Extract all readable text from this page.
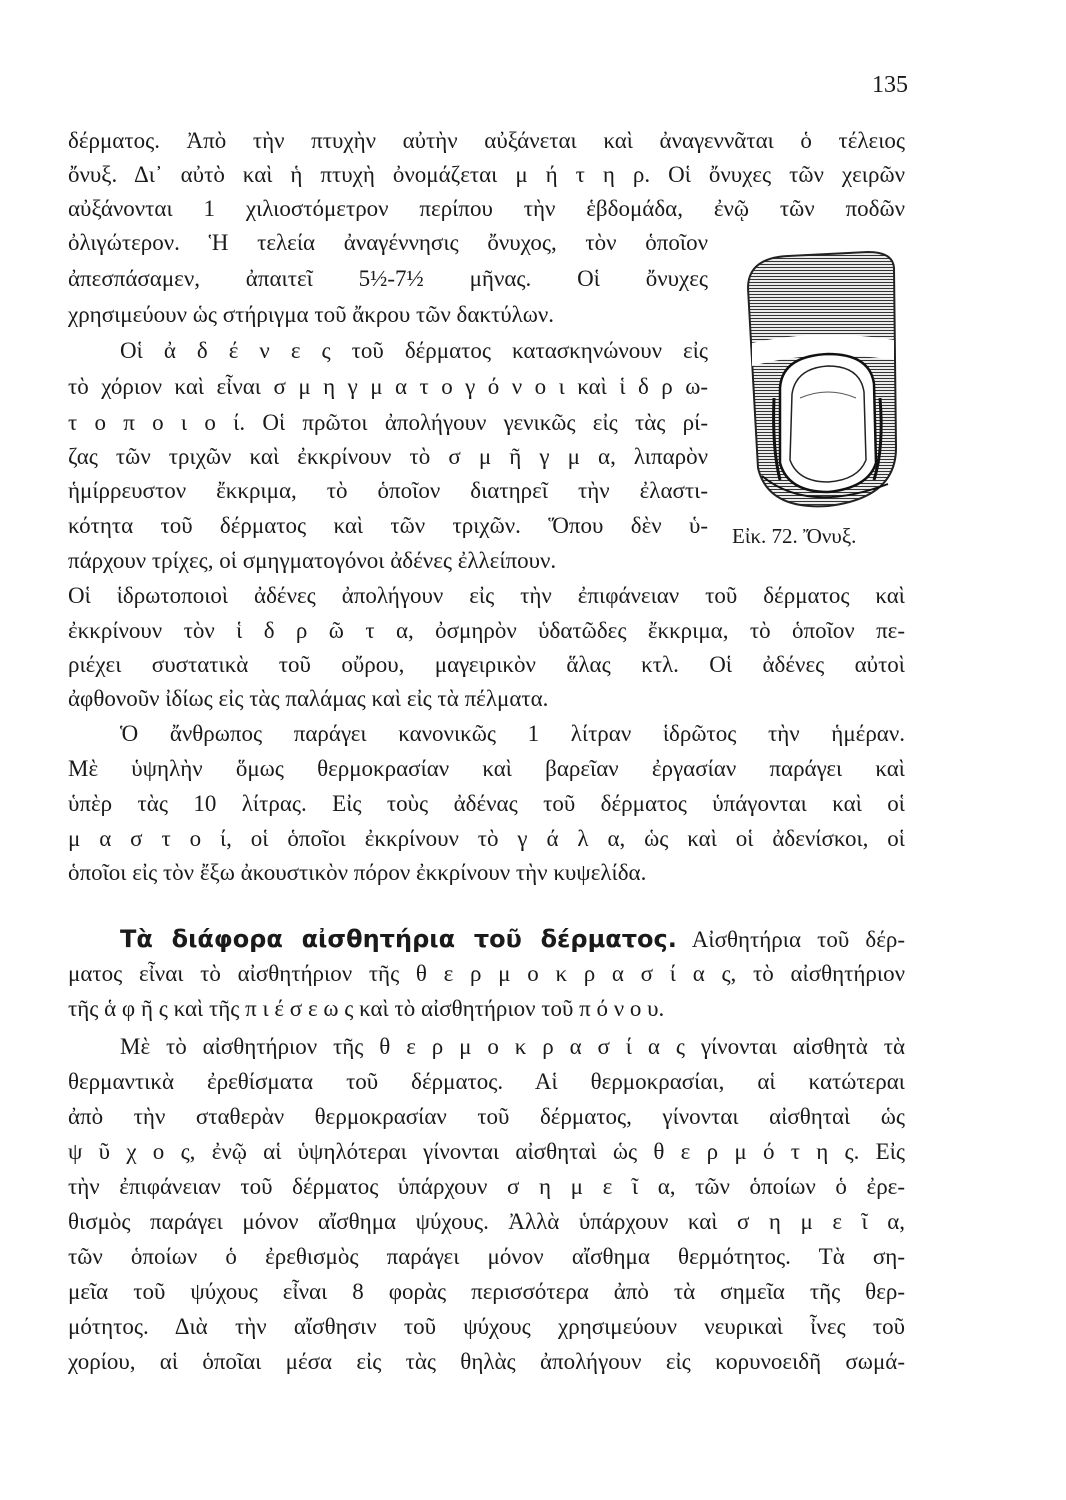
135
δέρματος. Ἀπὸ τὴν πτυχὴν αὐτὴν αὐξάνεται καὶ ἀναγεννᾶται ὁ τέλειος
ὄνυξ. Δι᾽ αὐτὸ καὶ ἡ πτυχὴ ὀνομάζεται μ ή τ η ρ. Οἱ ὄνυχες τῶν χειρῶν
αὐξάνονται 1 χιλιοστόμετρον περίπου τὴν ἑβδομάδα, ἐνῷ τῶν ποδῶν
ὀλιγώτερον. Ἡ τελεία ἀναγέννησις ὄνυχος, τὸν ὁποῖον
ἀπεσπάσαμεν, ἀπαιτεῖ 5½-7½ μῆνας. Οἱ ὄνυχες
χρησιμεύουν ὡς στήριγμα τοῦ ἄκρου τῶν δακτύλων.
Οἱ ἀ δ έ ν ε ς τοῦ δέρματος κατασκηνώνουν εἰς
τὸ χόριον καὶ εἶναι σ μ η γ μ α τ ο γ ό ν ο ι καὶ ἱ δ ρ ω-
τ ο π ο ι ο ί. Οἱ πρῶτοι ἀπολήγουν γενικῶς εἰς τὰς ρί-
ζας τῶν τριχῶν καὶ ἐκκρίνουν τὸ σ μ ῆ γ μ α, λιπαρὸν
ἡμίρρευστον ἔκκριμα, τὸ ὁποῖον διατηρεῖ τὴν ἐλαστι-
κότητα τοῦ δέρματος καὶ τῶν τριχῶν. Ὅπου δὲν ὑ-
πάρχουν τρίχες, οἱ σμηγματογόνοι ἀδένες ἐλλείπουν.
Οἱ ἱδρωτοποιοὶ ἀδένες ἀπολήγουν εἰς τὴν ἐπιφάνειαν τοῦ δέρματος καὶ
ἐκκρίνουν τὸν ἱ δ ρ ῶ τ α, ὀσμηρὸν ὑδατῶδες ἔκκριμα, τὸ ὁποῖον πε-
ριέχει συστατικὰ τοῦ οὔρου, μαγειρικὸν ἅλας κτλ. Οἱ ἀδένες αὐτοὶ
ἀφθονοῦν ἰδίως εἰς τὰς παλάμας καὶ εἰς τὰ πέλματα.
Ὁ ἄνθρωπος παράγει κανονικῶς 1 λίτραν ἱδρῶτος τὴν ἡμέραν.
Μὲ ὑψηλὴν ὅμως θερμοκρασίαν καὶ βαρεῖαν ἐργασίαν παράγει καὶ
ὑπὲρ τὰς 10 λίτρας. Εἰς τοὺς ἀδένας τοῦ δέρματος ὑπάγονται καὶ οἱ
μ α σ τ ο ί, οἱ ὁποῖοι ἐκκρίνουν τὸ γ ά λ α, ὡς καὶ οἱ ἀδενίσκοι, οἱ
ὁποῖοι εἰς τὸν ἔξω ἀκουστικὸν πόρον ἐκκρίνουν τὴν κυψελίδα.
Τὰ διάφορα αἰσθητήρια τοῦ δέρματος. Αἰσθητήρια τοῦ δέρ-
ματος εἶναι τὸ αἰσθητήριον τῆς θ ε ρ μ ο κ ρ α σ ί α ς, τὸ αἰσθητήριον
τῆς ἁ φ ῆ ς καὶ τῆς π ι έ σ ε ω ς καὶ τὸ αἰσθητήριον τοῦ π ό ν ο υ.
Μὲ τὸ αἰσθητήριον τῆς θ ε ρ μ ο κ ρ α σ ί α ς γίνονται αἰσθητὰ τὰ
θερμαντικὰ ἐρεθίσματα τοῦ δέρματος. Αἱ θερμοκρασίαι, αἱ κατώτεραι
ἀπὸ τὴν σταθερὰν θερμοκρασίαν τοῦ δέρματος, γίνονται αἰσθηταὶ ὡς
ψ ῦ χ ο ς, ἐνῷ αἱ ὑψηλότεραι γίνονται αἰσθηταὶ ὡς θ ε ρ μ ό τ η ς. Εἰς
τὴν ἐπιφάνειαν τοῦ δέρματος ὑπάρχουν σ η μ ε ῖ α, τῶν ὁποίων ὁ ἐρε-
θισμὸς παράγει μόνον αἴσθημα ψύχους. Ἀλλὰ ὑπάρχουν καὶ σ η μ ε ῖ α,
τῶν ὁποίων ὁ ἐρεθισμὸς παράγει μόνον αἴσθημα θερμότητος. Τὰ ση-
μεῖα τοῦ ψύχους εἶναι 8 φορὰς περισσότερα ἀπὸ τὰ σημεῖα τῆς θερ-
μότητος. Διὰ τὴν αἴσθησιν τοῦ ψύχους χρησιμεύουν νευρικαὶ ἶνες τοῦ
χορίου, αἱ ὁποῖαι μέσα εἰς τὰς θηλὰς ἀπολήγουν εἰς κορυνοειδῆ σωμά-
Εἰκ. 72. Ὄνυξ.
